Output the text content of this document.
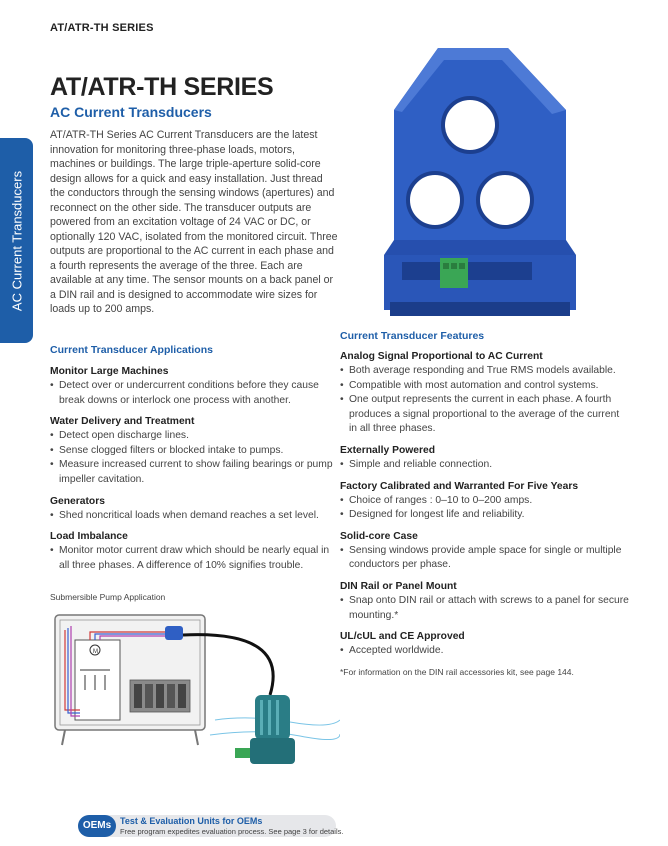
AT/ATR-TH SERIES
AC Current Transducers
AT/ATR-TH SERIES
AC Current Transducers

AT/ATR-TH Series AC Current Transducers are the latest innovation for monitoring three-phase loads, motors, machines or buildings. The large triple-aperture solid-core design allows for a quick and easy installation. Just thread the conductors through the sensing windows (apertures) and reconnect on the other side. The transducer outputs are powered from an excitation voltage of 24 VAC or DC, or optionally 120 VAC, isolated from the monitored circuit. Three outputs are proportional to the AC current in each phase and a fourth represents the average of the three. Each are available at any time. The sensor mounts on a back panel or a DIN rail and is designed to accommodate wire sizes for loads up to 200 amps.

Current Transducer Applications
Monitor Large Machines
• Detect over or undercurrent conditions before they cause break downs or interlock one process with another.
Water Delivery and Treatment
• Detect open discharge lines.
• Sense clogged filters or blocked intake to pumps.
• Measure increased current to show failing bearings or pump impeller cavitation.
Generators
• Shed noncritical loads when demand reaches a set level.
Load Imbalance
• Monitor motor current draw which should be nearly equal in all three phases. A difference of 10% signifies trouble.
Current Transducer Features
Analog Signal Proportional to AC Current
• Both average responding and True RMS models available.
• Compatible with most automation and control systems.
• One output represents the current in each phase. A fourth produces a signal proportional to the average of the current in all three phases.
Externally Powered
• Simple and reliable connection.
Factory Calibrated and Warranted For Five Years
• Choice of ranges : 0–10 to 0–200 amps.
• Designed for longest life and reliability.
Solid-core Case
• Sensing windows provide ample space for single or multiple conductors per phase.
DIN Rail or Panel Mount
• Snap onto DIN rail or attach with screws to a panel for secure mounting.*
UL/cUL and CE Approved
• Accepted worldwide.
*For information on the DIN rail accessories kit, see page 144.
Submersible Pump Application
M
OEMs Test & Evaluation Units for OEMs
Free program expedites evaluation process. See page 3 for details.
